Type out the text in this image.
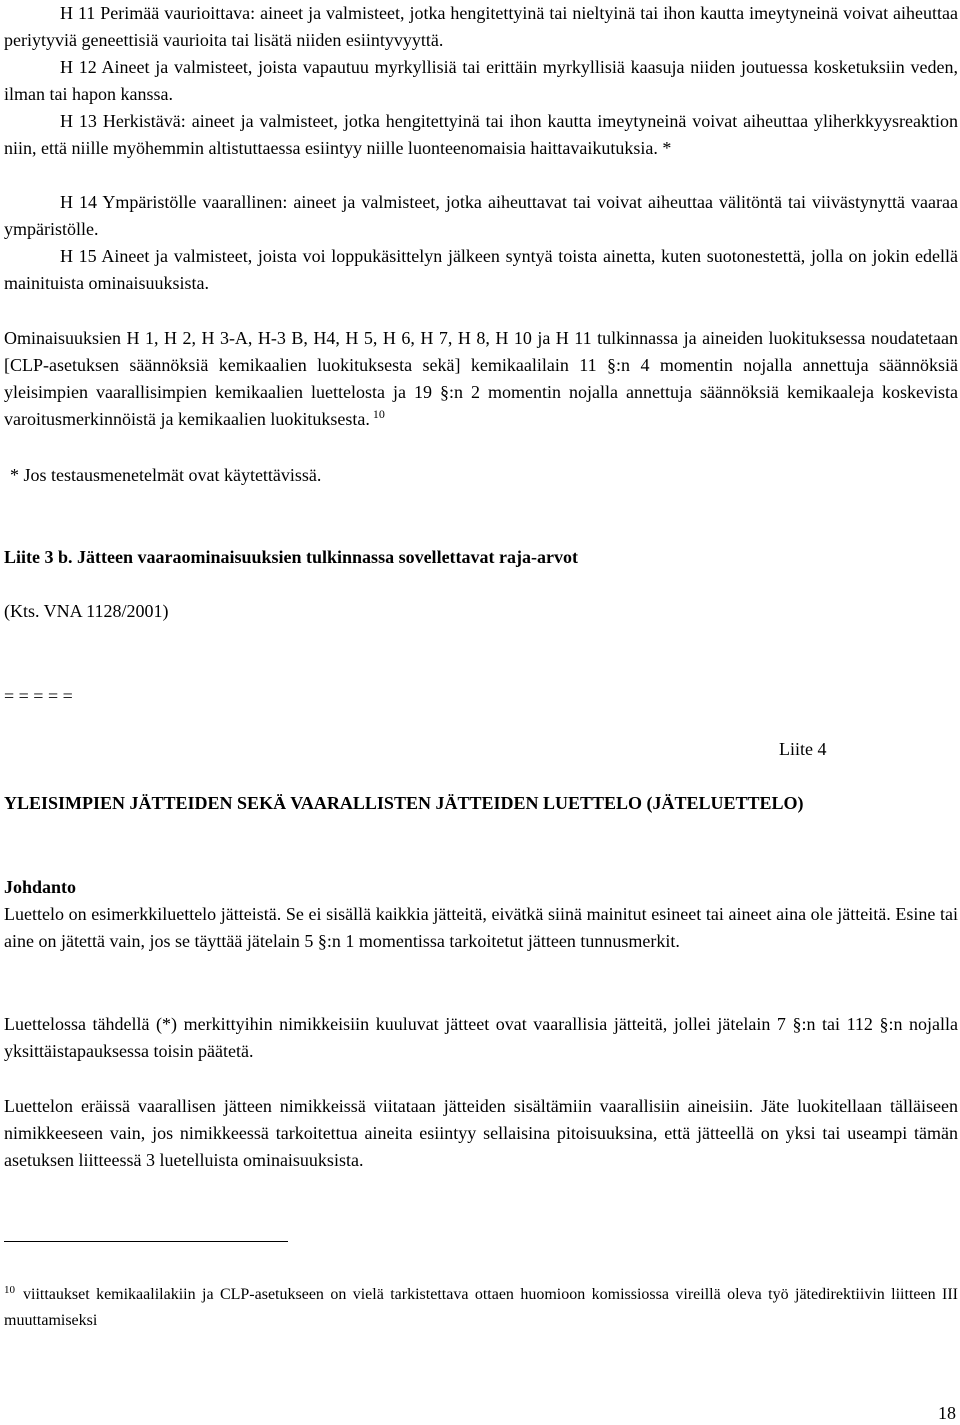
H 11 Perimää vaurioittava: aineet ja valmisteet, jotka hengitettyinä tai nieltyinä tai ihon kautta imeytyneinä voivat aiheuttaa periytyviä geneettisiä vaurioita tai lisätä niiden esiintyvyyttä.

H 12 Aineet ja valmisteet, joista vapautuu myrkyllisiä tai erittäin myrkyllisiä kaasuja niiden joutuessa kosketuksiin veden, ilman tai hapon kanssa.

H 13 Herkistävä: aineet ja valmisteet, jotka hengitettyinä tai ihon kautta imeytyneinä voivat aiheuttaa yliherkkyysreaktion niin, että niille myöhemmin altistuttaessa esiintyy niille luonteenomaisia haittavaikutuksia. *

H 14 Ympäristölle vaarallinen: aineet ja valmisteet, jotka aiheuttavat tai voivat aiheuttaa välitöntä tai viivästynyttä vaaraa ympäristölle.

H 15 Aineet ja valmisteet, joista voi loppukäsittelyn jälkeen syntyä toista ainetta, kuten suotonestettä, jolla on jokin edellä mainituista ominaisuuksista.

Ominaisuuksien H 1, H 2, H 3-A, H-3 B, H4, H 5, H 6, H 7, H 8, H 10 ja H 11 tulkinnassa ja aineiden luokituksessa noudatetaan [CLP-asetuksen säännöksiä kemikaalien luokituksesta sekä] kemikaalilain 11 §:n 4 momentin nojalla annettuja säännöksiä yleisimpien vaarallisimpien kemikaalien luettelosta ja 19 §:n 2 momentin nojalla annettuja säännöksiä kemikaaleja koskevista varoitusmerkinnöistä ja kemikaalien luokituksesta. $^{10}$

* Jos testausmenetelmät ovat käytettävissä.

Liite 3 b. Jätteen vaaraominaisuuksien tulkinnassa sovellettavat raja-arvot

(Kts. VNA 1128/2001)

= = = = =

Liite 4

YLEISIMPIEN JÄTTEIDEN SEKÄ VAARALLISTEN JÄTTEIDEN LUETTELO (JÄTELUETTELO)

Johdanto

Luettelo on esimerkkiluettelo jätteistä. Se ei sisällä kaikkia jätteitä, eivätkä siinä mainitut esineet tai aineet aina ole jätteitä. Esine tai aine on jätettä vain, jos se täyttää jätelain 5 §:n 1 momentissa tarkoitetut jätteen tunnusmerkit.

Luettelossa tähdellä (*) merkittyihin nimikkeisiin kuuluvat jätteet ovat vaarallisia jätteitä, jollei jätelain 7 §:n tai 112 §:n nojalla yksittäistapauksessa toisin päätetä.

Luettelon eräissä vaarallisen jätteen nimikkeissä viitataan jätteiden sisältämiin vaarallisiin aineisiin. Jäte luokitellaan tälläiseen nimikkeeseen vain, jos nimikkeessä tarkoitettua aineita esiintyy sellaisina pitoisuuksina, että jätteellä on yksi tai useampi tämän asetuksen liitteessä 3 luetelluista ominaisuuksista.

$^{10}$ viittaukset kemikaalilakiin ja CLP-asetukseen on vielä tarkistettava ottaen huomioon komissiossa vireillä oleva työ jätedirektiivin liitteen III muuttamiseksi

18
